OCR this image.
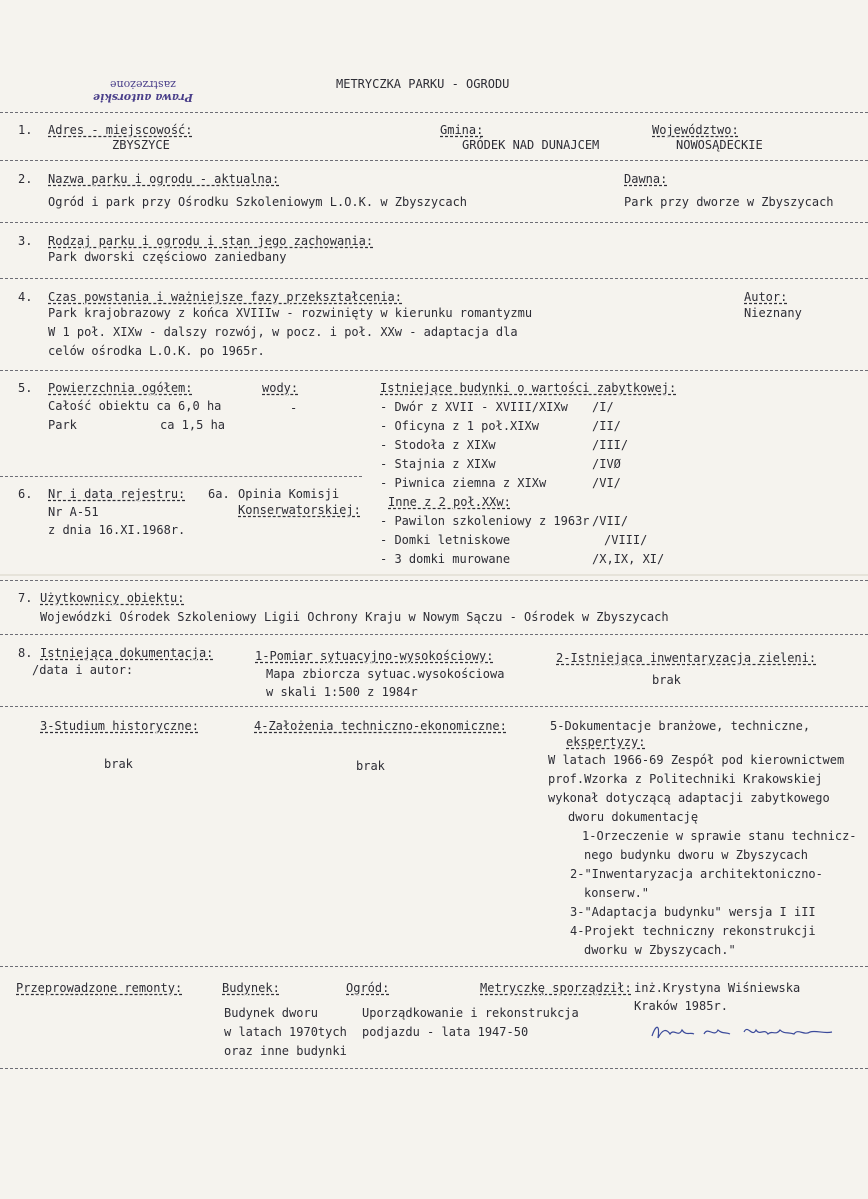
Prawa autorskie
zastrzeżone	METRYCZKA PARKU - OGRODU
1. Adres - miejscowość:
ZBYSZYCE
Gmina:
GRÓDEK NAD DUNAJCEM
Województwo:
NOWOSĄDECKIE
2. Nazwa parku i ogrodu - aktualna:
Ogród i park przy Ośrodku Szkoleniowym L.O.K. w Zbyszycach
Dawna:
Park przy dworze w Zbyszycach
3. Rodzaj parku i ogrodu i stan jego zachowania:
Park dworski częściowo zaniedbany
4. Czas powstania i ważniejsze fazy przekształcenia:
Park krajobrazowy z końca XVIIIw - rozwinięty w kierunku romantyzmu
W 1 poł. XIXw - dalszy rozwój, w pocz. i poł. XXw - adaptacja dla
celów ośrodka L.O.K. po 1965r.
Autor:
Nieznany
5. Powierzchnia ogółem:
Całość obiektu ca 6,0 ha
Park	ca 1,5 ha
wody:
-
Istniejące budynki o wartości zabytkowej:
- Dwór z XVII - XVIII/XIXw /I/
- Oficyna z 1 poł.XIXw	/II/
- Stodoła z XIXw	/III/
- Stajnia z XIXw	/IVØ
- Piwnica ziemna z XIXw	/VI/
6. Nr i data rejestru:
Nr A-51
z dnia 16.XI.1968r.
6a. Opinia Komisji
Konserwatorskiej:
Inne z 2 poł.XXw:
- Pawilon szkoleniowy z 1963r /VII/
- Domki letniskowe	/VIII/
- 3 domki murowane	/X,IX, XI/
7. Użytkownicy obiektu:
Wojewódzki Ośrodek Szkoleniowy Ligii Ochrony Kraju w Nowym Sączu - Ośrodek w Zbyszycach
8. Istniejąca dokumentacja:
/data i autor:
1-Pomiar sytuacyjno-wysokościowy:
Mapa zbiorcza sytuac.wysokościowa
w skali 1:500 z 1984r
2-Istniejąca inwentaryzacja zieleni:
brak
3-Studium historyczne:
brak
4-Założenia techniczno-ekonomiczne:
brak
5-Dokumentacje branżowe, techniczne,
ekspertyzy:
W latach 1966-69 Zespół pod kierownictwem
prof.Wzorka z Politechniki Krakowskiej
wykonał dotyczącą adaptacji zabytkowego
dworu dokumentację
1-Orzeczenie w sprawie stanu technicz-
nego budynku dworu w Zbyszycach
2-"Inwentaryzacja architektoniczno-
konserw."
3-"Adaptacja budynku" wersja I iII
4-Projekt techniczny rekonstrukcji
dworku w Zbyszycach."
Przeprowadzone remonty:	Budynek:
Budynek dworu
w latach 1970tych
oraz inne budynki
Ogród:
Uporządkowanie i rekonstrukcja
podjazdu - lata 1947-50
Metryczkę sporządził: inż.Krystyna Wiśniewska
Kraków 1985r.
